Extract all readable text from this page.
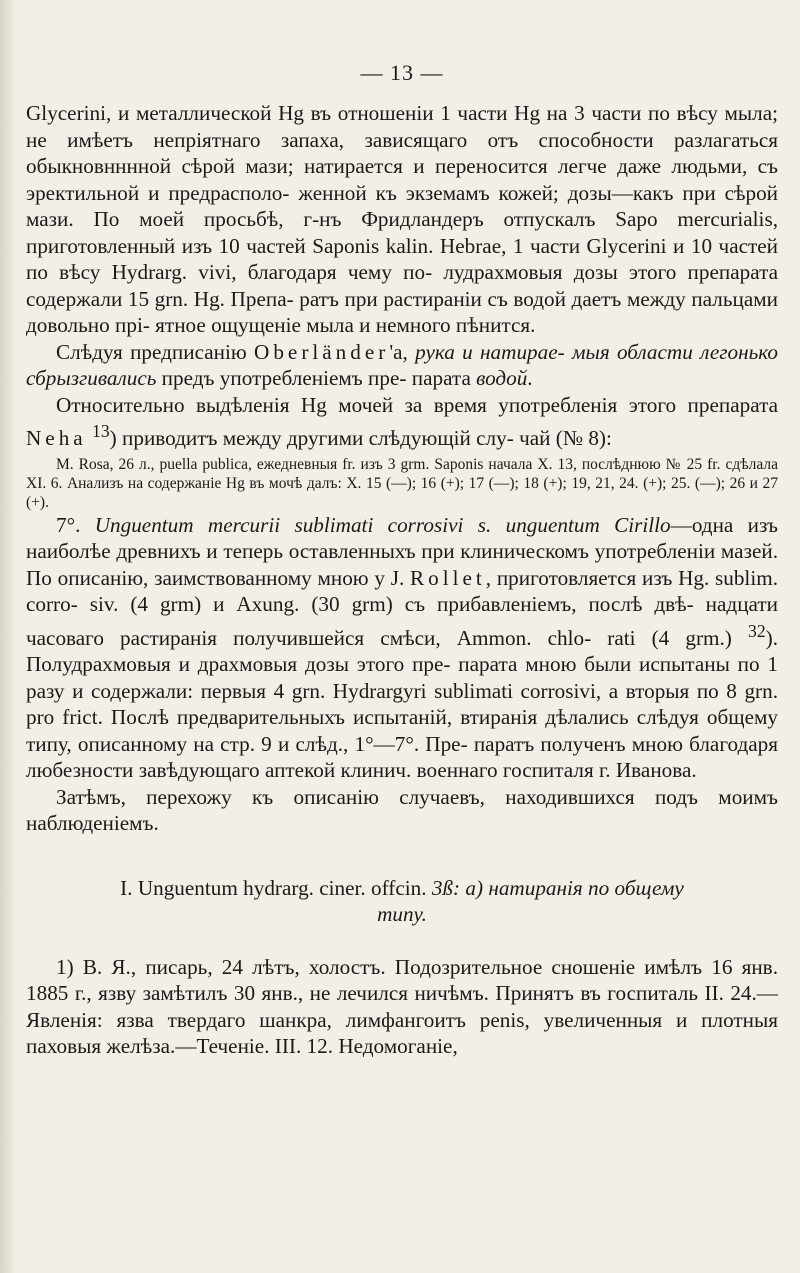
— 13 —

Glycerini, и металлической Hg въ отношеніи 1 части Hg на 3 части по вѣсу мыла; не имѣетъ непріятнаго запаха, зависящаго отъ способности разлагаться обыкновнннной сѣрой мази; натирается и переносится легче даже людьми, съ эректильной и предрасполо- женной къ экземамъ кожей; дозы—какъ при сѣрой мази. По моей просьбѣ, г-нъ Фридландеръ отпускалъ Sapo mercurialis, приготовленный изъ 10 частей Saponis kalin. Hebrae, 1 части Glycerini и 10 частей по вѣсу Hydrarg. vivi, благодаря чему по- лудрахмовыя дозы этого препарата содержали 15 grn. Hg. Препа- ратъ при растираніи съ водой даетъ между пальцами довольно прі- ятное ощущеніе мыла и немного пѣнится.

Слѣдуя предписанію Oberländer'а, рука и натирае- мыя области легонько сбрызгивались предъ употребленіемъ пре- парата водой.

Относительно выдѣленія Hg мочей за время употребленія этого препарата Neha $^{13}$) приводитъ между другими слѣдующій слу- чай (№ 8):

М. Rosa, 26 л., puella publica, ежедневныя fr. изъ 3 grm. Saponis начала X. 13, послѣднюю № 25 fr. сдѣлала XI. 6. Анализъ на содержаніе Hg въ мочѣ далъ: X. 15 (—); 16 (+); 17 (—); 18 (+); 19, 21, 24. (+); 25. (—); 26 и 27 (+).

7°. Unguentum mercurii sublimati corrosivi s. unguentum Cirillo—одна изъ наиболѣе древнихъ и теперь оставленныхъ при клиническомъ употребленіи мазей. По описанію, заимствованному мною у J. Rollet, приготовляется изъ Hg. sublim. corro- siv. (4 grm) и Axung. (30 grm) съ прибавленіемъ, послѣ двѣ- надцати часоваго растиранія получившейся смѣси, Ammon. chlo- rati (4 grm.) $^{32}$). Полудрахмовыя и драхмовыя дозы этого пре- парата мною были испытаны по 1 разу и содержали: первыя 4 grn. Hydrargyri sublimati corrosivi, а вторыя по 8 grn. pro frict. Послѣ предварительныхъ испытаній, втиранія дѣлались слѣдуя общему типу, описанному на стр. 9 и слѣд., 1°—7°. Пре- паратъ полученъ мною благодаря любезности завѣдующаго аптекой клинич. военнаго госпиталя г. Иванова.

Затѣмъ, перехожу къ описанію случаевъ, находившихся подъ моимъ наблюденіемъ.

I. Unguentum hydrarg. ciner. offcin. 3ß: а) натиранія по общему

типу.

1) В. Я., писарь, 24 лѣтъ, холостъ. Подозрительное сношеніе имѣлъ 16 янв. 1885 г., язву замѣтилъ 30 янв., не лечился ничѣмъ. Принятъ въ госпиталь II. 24.—Явленія: язва твердаго шанкра, лимфангоитъ penis, увеличенныя и плотныя паховыя желѣза.—Теченіе. III. 12. Недомоганіе,
